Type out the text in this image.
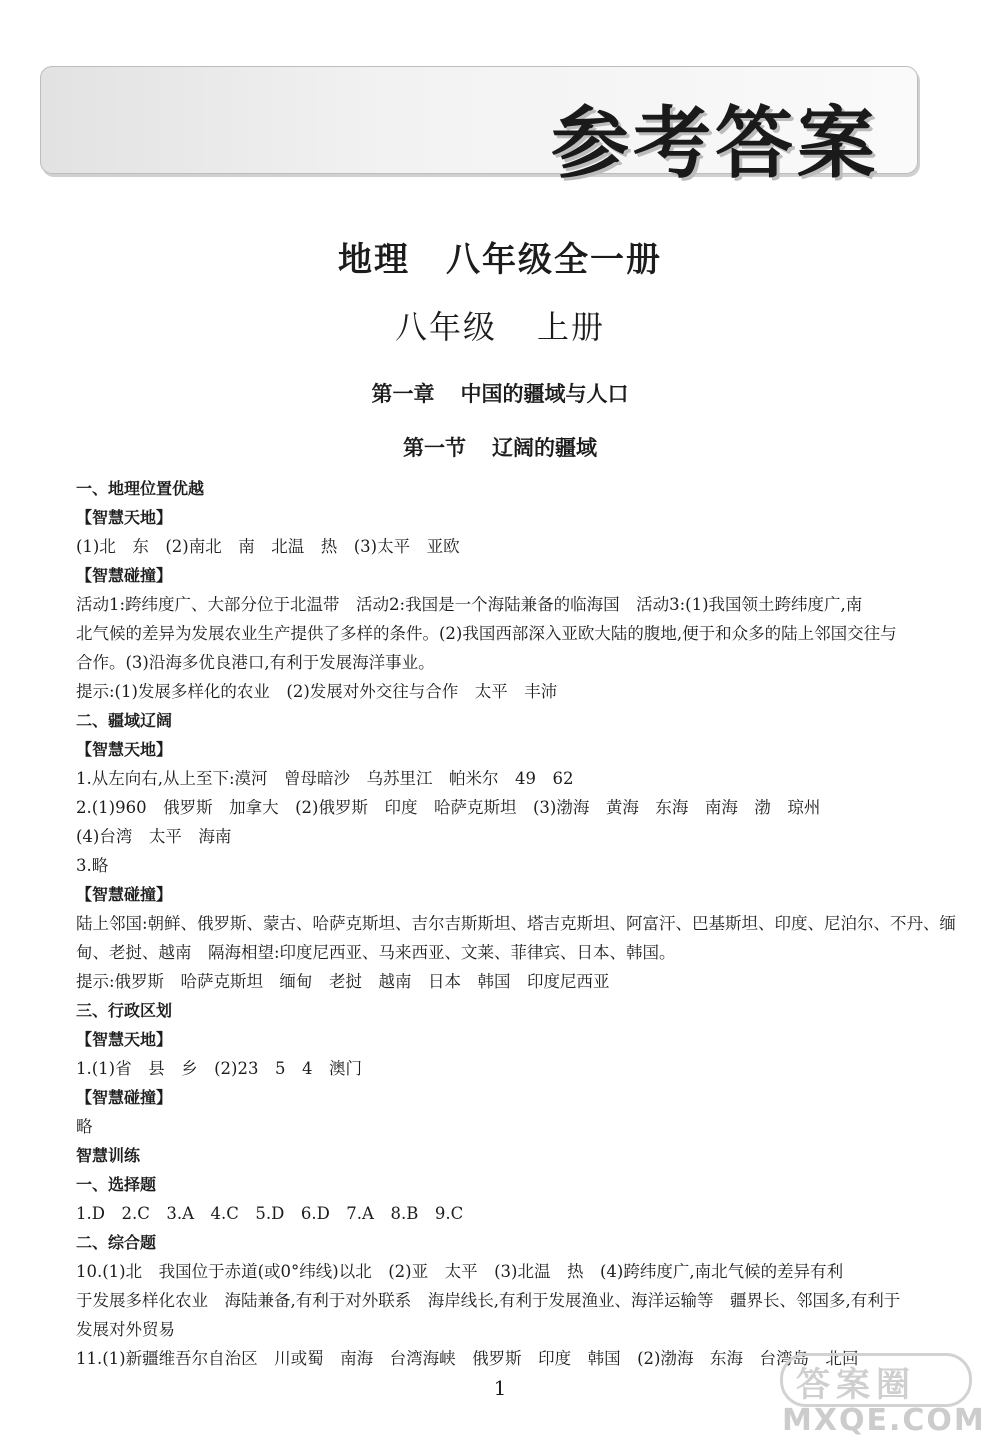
参考答案
地理 八年级全一册
八年级 上册
第一章 中国的疆域与人口
第一节 辽阔的疆域
一、地理位置优越
【智慧天地】
(1)北　东　(2)南北　南　北温　热　(3)太平　亚欧
【智慧碰撞】
活动1:跨纬度广、大部分位于北温带　活动2:我国是一个海陆兼备的临海国　活动3:(1)我国领土跨纬度广,南
北气候的差异为发展农业生产提供了多样的条件。(2)我国西部深入亚欧大陆的腹地,便于和众多的陆上邻国交往与
合作。(3)沿海多优良港口,有利于发展海洋事业。
提示:(1)发展多样化的农业　(2)发展对外交往与合作　太平　丰沛
二、疆域辽阔
【智慧天地】
1.从左向右,从上至下:漠河　曾母暗沙　乌苏里江　帕米尔　49　62
2.(1)960　俄罗斯　加拿大　(2)俄罗斯　印度　哈萨克斯坦　(3)渤海　黄海　东海　南海　渤　琼州
(4)台湾　太平　海南
3.略
【智慧碰撞】
陆上邻国:朝鲜、俄罗斯、蒙古、哈萨克斯坦、吉尔吉斯斯坦、塔吉克斯坦、阿富汗、巴基斯坦、印度、尼泊尔、不丹、缅
甸、老挝、越南　隔海相望:印度尼西亚、马来西亚、文莱、菲律宾、日本、韩国。
提示:俄罗斯　哈萨克斯坦　缅甸　老挝　越南　日本　韩国　印度尼西亚
三、行政区划
【智慧天地】
1.(1)省　县　乡　(2)23　5　4　澳门
【智慧碰撞】
略
智慧训练
一、选择题
1.D　2.C　3.A　4.C　5.D　6.D　7.A　8.B　9.C
二、综合题
10.(1)北　我国位于赤道(或0°纬线)以北　(2)亚　太平　(3)北温　热　(4)跨纬度广,南北气候的差异有利
于发展多样化农业　海陆兼备,有利于对外联系　海岸线长,有利于发展渔业、海洋运输等　疆界长、邻国多,有利于
发展对外贸易
11.(1)新疆维吾尔自治区　川或蜀　南海　台湾海峡　俄罗斯　印度　韩国　(2)渤海　东海　台湾岛　北回
1	答案圈
MXQE.COM
